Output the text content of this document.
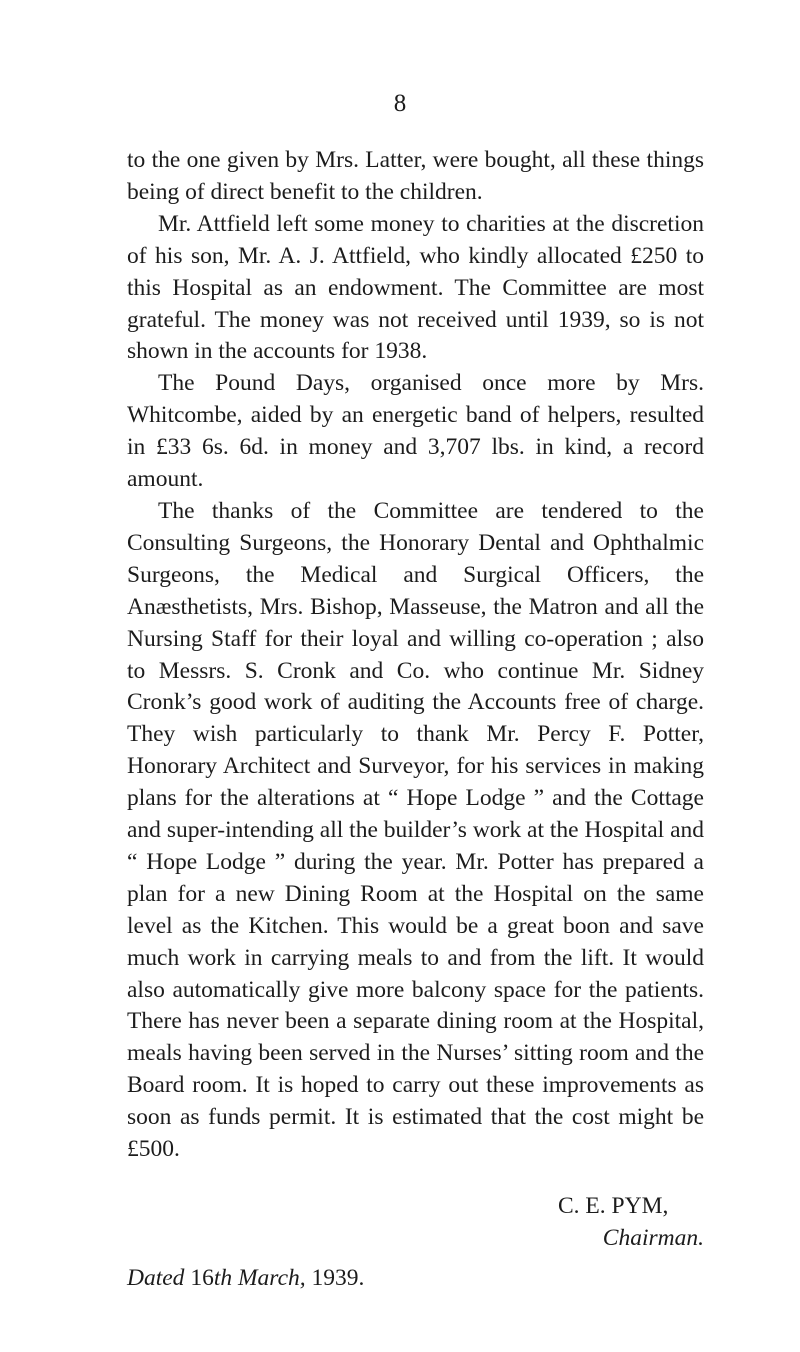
8

to the one given by Mrs. Latter, were bought, all these things being of direct benefit to the children.

Mr. Attfield left some money to charities at the discretion of his son, Mr. A. J. Attfield, who kindly allocated £250 to this Hospital as an endowment. The Committee are most grateful. The money was not received until 1939, so is not shown in the accounts for 1938.

The Pound Days, organised once more by Mrs. Whitcombe, aided by an energetic band of helpers, resulted in £33 6s. 6d. in money and 3,707 lbs. in kind, a record amount.

The thanks of the Committee are tendered to the Consulting Surgeons, the Honorary Dental and Ophthalmic Surgeons, the Medical and Surgical Officers, the Anæsthetists, Mrs. Bishop, Masseuse, the Matron and all the Nursing Staff for their loyal and willing co-operation ; also to Messrs. S. Cronk and Co. who continue Mr. Sidney Cronk’s good work of auditing the Accounts free of charge. They wish particularly to thank Mr. Percy F. Potter, Honorary Architect and Surveyor, for his services in making plans for the alterations at “ Hope Lodge ” and the Cottage and super-intending all the builder’s work at the Hospital and “ Hope Lodge ” during the year. Mr. Potter has prepared a plan for a new Dining Room at the Hospital on the same level as the Kitchen. This would be a great boon and save much work in carrying meals to and from the lift. It would also automatically give more balcony space for the patients. There has never been a separate dining room at the Hospital, meals having been served in the Nurses’ sitting room and the Board room. It is hoped to carry out these improvements as soon as funds permit. It is estimated that the cost might be £500.

C. E. PYM,
Chairman.
Dated 16th March, 1939.
